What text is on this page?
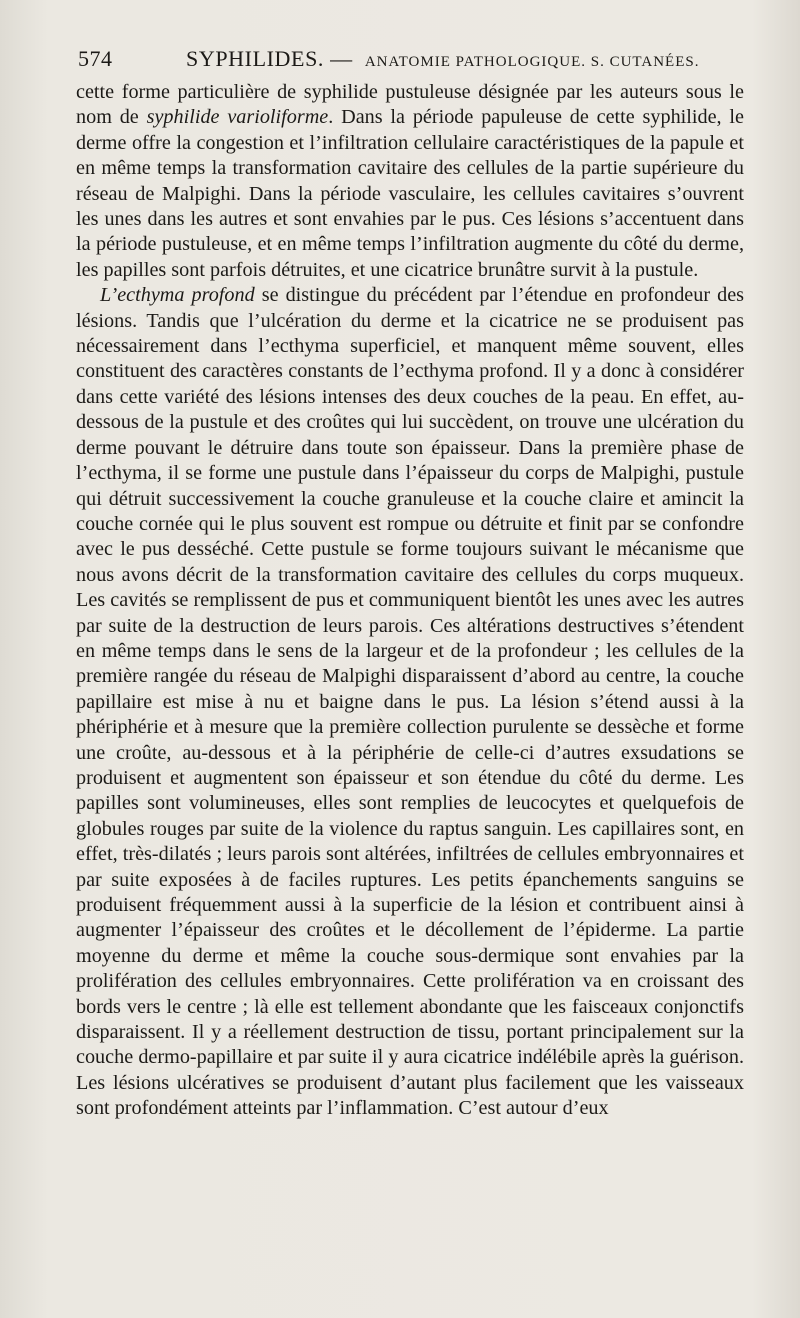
574	SYPHILIDES. — ANATOMIE PATHOLOGIQUE. S. CUTANÉES.

cette forme particulière de syphilide pustuleuse désignée par les auteurs sous le nom de syphilide varioliforme. Dans la période papuleuse de cette syphilide, le derme offre la congestion et l’infiltration cellulaire caractéristiques de la papule et en même temps la transformation cavitaire des cellules de la partie supérieure du réseau de Malpighi. Dans la période vasculaire, les cellules cavitaires s’ouvrent les unes dans les autres et sont envahies par le pus. Ces lésions s’accentuent dans la période pustuleuse, et en même temps l’infiltration augmente du côté du derme, les papilles sont parfois détruites, et une cicatrice brunâtre survit à la pustule.

L’ecthyma profond se distingue du précédent par l’étendue en profondeur des lésions. Tandis que l’ulcération du derme et la cicatrice ne se produisent pas nécessairement dans l’ecthyma superficiel, et manquent même souvent, elles constituent des caractères constants de l’ecthyma profond. Il y a donc à considérer dans cette variété des lésions intenses des deux couches de la peau. En effet, au-dessous de la pustule et des croûtes qui lui succèdent, on trouve une ulcération du derme pouvant le détruire dans toute son épaisseur. Dans la première phase de l’ecthyma, il se forme une pustule dans l’épaisseur du corps de Malpighi, pustule qui détruit successivement la couche granuleuse et la couche claire et amincit la couche cornée qui le plus souvent est rompue ou détruite et finit par se confondre avec le pus desséché. Cette pustule se forme toujours suivant le mécanisme que nous avons décrit de la transformation cavitaire des cellules du corps muqueux. Les cavités se remplissent de pus et communiquent bientôt les unes avec les autres par suite de la destruction de leurs parois. Ces altérations destructives s’étendent en même temps dans le sens de la largeur et de la profondeur ; les cellules de la première rangée du réseau de Malpighi disparaissent d’abord au centre, la couche papillaire est mise à nu et baigne dans le pus. La lésion s’étend aussi à la phériphérie et à mesure que la première collection purulente se dessèche et forme une croûte, au-dessous et à la périphérie de celle-ci d’autres exsudations se produisent et augmentent son épaisseur et son étendue du côté du derme. Les papilles sont volumineuses, elles sont remplies de leucocytes et quelquefois de globules rouges par suite de la violence du raptus sanguin. Les capillaires sont, en effet, très-dilatés ; leurs parois sont altérées, infiltrées de cellules embryonnaires et par suite exposées à de faciles ruptures. Les petits épanchements sanguins se produisent fréquemment aussi à la superficie de la lésion et contribuent ainsi à augmenter l’épaisseur des croûtes et le décollement de l’épiderme. La partie moyenne du derme et même la couche sous-dermique sont envahies par la prolifération des cellules embryonnaires. Cette prolifération va en croissant des bords vers le centre ; là elle est tellement abondante que les faisceaux conjonctifs disparaissent. Il y a réellement destruction de tissu, portant principalement sur la couche dermo-papillaire et par suite il y aura cicatrice indélébile après la guérison. Les lésions ulcératives se produisent d’autant plus facilement que les vaisseaux sont profondément atteints par l’inflammation. C’est autour d’eux
